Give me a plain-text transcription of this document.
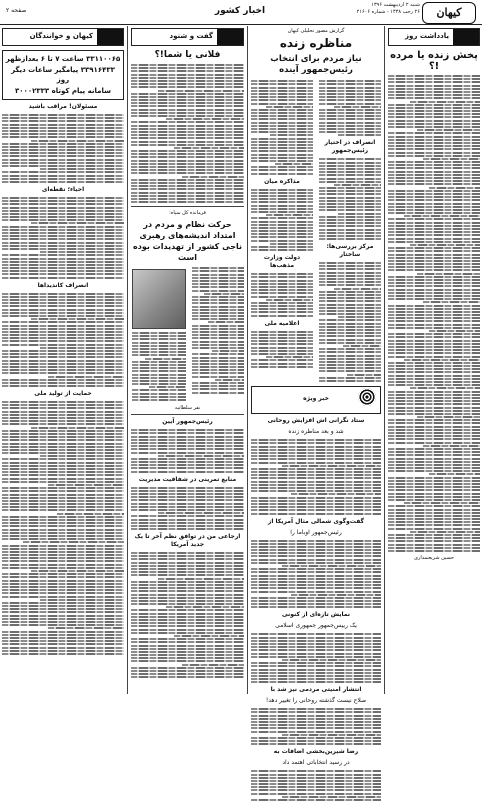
کیهان
شنبه ۲ اردیبهشت ۱۳۹۶
۲۶ رجب ۱۴۳۸ - شماره ۲۱۶۰۶
اخبار کشور
صفحه ۲
یادداشت روز
پخش زنده یا مرده !؟
حسین شریعتمداری
گزارش مصور تحلیلی کیهان
مناظره زنده
نیاز مردم برای انتخاب رئیس‌جمهور آینده
انصراف در اختیار رئیس‌جمهور
مرکز بررسی‌ها: ساختار
مذاکره میان
دولت وزارت مذهب‌ها
اعلامیه ملی
خبر ویژه
ستاد نگرانی اش افزایش روحانی
شد و بعد مناظره زنده
گفت‌وگوی شمالی مثال آمریکا از
رئیس‌جمهور اوباما را
نمایش تازه‌ای از کنونی
یک رییس‌جمهور جمهوری اسلامی
انتشار امنیتی مردمی نیز شد با
صلاح نیست گذشته روحانی را تغییر دهد!
رضا شیرین‌بخشی اضافات به
در رسید انتخاباتی اهتمد داد
گفت و شنود
فلانی یا شما!؟
فرمانده کل سپاه:
حرکت نظام و مردم در امتداد اندیشه‌های رهبری ناجی کشور از تهدیدات بوده است
نفر سلطانیه
رئیس‌جمهور آیین
منابع تمرینی در شفافیت مدیریت
ارجاعی من در توافق‌ نظم‌ آخر تا یک جدید آمریکا
کیهان و خوانندگان
۳۳۱۱۰۰۶۵ ساعت ۷ تا ۶ بعدازظهر
۳۳۹۱۶۴۳۳ پیامگیر ساعات دیگر روز
سامانه پیام کوتاه ۳۰۰۰۲۳۳۳
مسئولان! مراقب باشید
احیاء؛ نقطه‌ای
انصراف کاندیداها
حمایت از تولید ملی
